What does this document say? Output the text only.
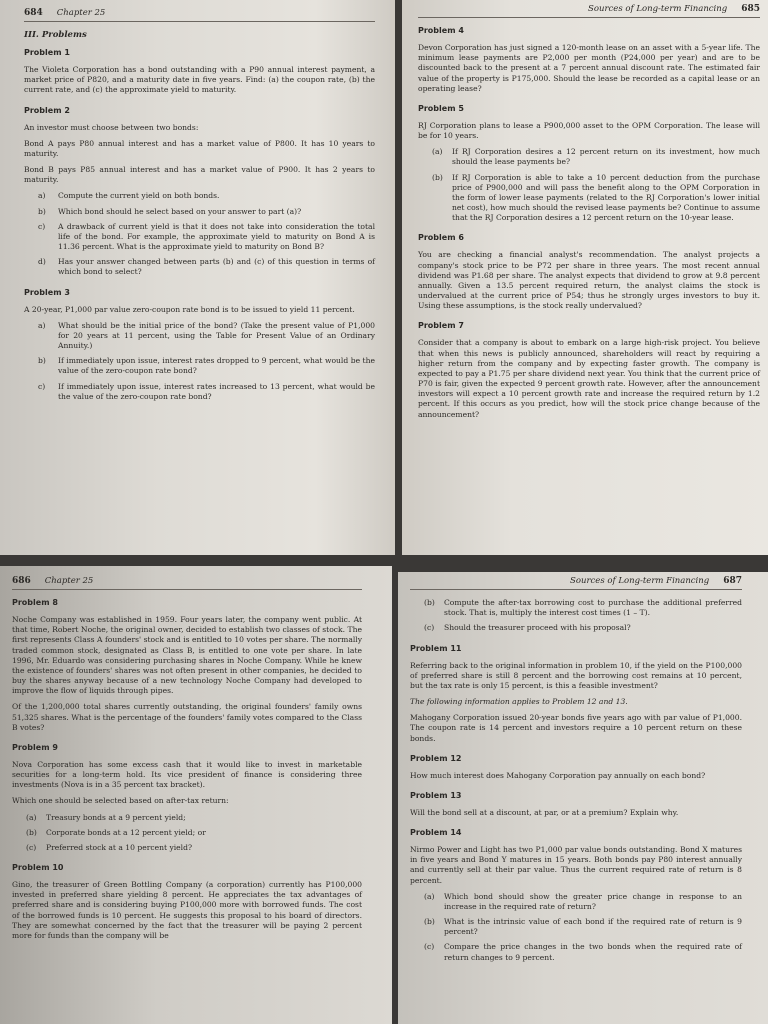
684 Chapter 25
III. Problems
Problem 1

The Violeta Corporation has a bond outstanding with a P90 annual interest payment, a market price of P820, and a maturity date in five years. Find: (a) the coupon rate, (b) the current rate, and (c) the approximate yield to maturity.

Problem 2

An investor must choose between two bonds:

Bond A pays P80 annual interest and has a market value of P800. It has 10 years to maturity.

Bond B pays P85 annual interest and has a market value of P900. It has 2 years to maturity.

a)	Compute the current yield on both bonds.
b)	Which bond should he select based on your answer to part (a)?
c)	A drawback of current yield is that it does not take into consideration the total life of the bond. For example, the approximate yield to maturity on Bond A is 11.36 percent. What is the approximate yield to maturity on Bond B?
d)	Has your answer changed between parts (b) and (c) of this question in terms of which bond to select?
Problem 3

A 20-year, P1,000 par value zero-coupon rate bond is to be issued to yield 11 percent.

a)	What should be the initial price of the bond? (Take the present value of P1,000 for 20 years at 11 percent, using the Table for Present Value of an Ordinary Annuity.)
b)	If immediately upon issue, interest rates dropped to 9 percent, what would be the value of the zero-coupon rate bond?
c)	If immediately upon issue, interest rates increased to 13 percent, what would be the value of the zero-coupon rate bond?
Sources of Long-term Financing 685
Problem 4

Devon Corporation has just signed a 120-month lease on an asset with a 5-year life. The minimum lease payments are P2,000 per month (P24,000 per year) and are to be discounted back to the present at a 7 percent annual discount rate. The estimated fair value of the property is P175,000. Should the lease be recorded as a capital lease or an operating lease?

Problem 5

RJ Corporation plans to lease a P900,000 asset to the OPM Corporation. The lease will be for 10 years.

(a)	If RJ Corporation desires a 12 percent return on its investment, how much should the lease payments be?
(b)	If RJ Corporation is able to take a 10 percent deduction from the purchase price of P900,000 and will pass the benefit along to the OPM Corporation in the form of lower lease payments (related to the RJ Corporation's lower initial net cost), how much should the revised lease payments be? Continue to assume that the RJ Corporation desires a 12 percent return on the 10-year lease.
Problem 6

You are checking a financial analyst's recommendation. The analyst projects a company's stock price to be P72 per share in three years. The most recent annual dividend was P1.68 per share. The analyst expects that dividend to grow at 9.8 percent annually. Given a 13.5 percent required return, the analyst claims the stock is undervalued at the current price of P54; thus he strongly urges investors to buy it. Using these assumptions, is the stock really undervalued?

Problem 7

Consider that a company is about to embark on a large high-risk project. You believe that when this news is publicly announced, shareholders will react by requiring a higher return from the company and by expecting faster growth. The company is expected to pay a P1.75 per share dividend next year. You think that the current price of P70 is fair, given the expected 9 percent growth rate. However, after the announcement investors will expect a 10 percent growth rate and increase the required return by 1.2 percent. If this occurs as you predict, how will the stock price change because of the announcement?

686 Chapter 25
Problem 8

Noche Company was established in 1959. Four years later, the company went public. At that time, Robert Noche, the original owner, decided to establish two classes of stock. The first represents Class A founders' stock and is entitled to 10 votes per share. The normally traded common stock, designated as Class B, is entitled to one vote per share. In late 1996, Mr. Eduardo was considering purchasing shares in Noche Company. While he knew the existence of founders' shares was not often present in other companies, he decided to buy the shares anyway because of a new technology Noche Company had developed to improve the flow of liquids through pipes.

Of the 1,200,000 total shares currently outstanding, the original founders' family owns 51,325 shares. What is the percentage of the founders' family votes compared to the Class B votes?

Problem 9

Nova Corporation has some excess cash that it would like to invest in marketable securities for a long-term hold. Its vice president of finance is considering three investments (Nova is in a 35 percent tax bracket).

Which one should be selected based on after-tax return:

(a)	Treasury bonds at a 9 percent yield;
(b)	Corporate bonds at a 12 percent yield; or
(c)	Preferred stock at a 10 percent yield?
Problem 10

Gino, the treasurer of Green Bottling Company (a corporation) currently has P100,000 invested in preferred share yielding 8 percent. He appreciates the tax advantages of preferred share and is considering buying P100,000 more with borrowed funds. The cost of the borrowed funds is 10 percent. He suggests this proposal to his board of directors. They are somewhat concerned by the fact that the treasurer will be paying 2 percent more for funds than the company will be

Sources of Long-term Financing 687
(b)	Compute the after-tax borrowing cost to purchase the additional preferred stock. That is, multiply the interest cost times (1 – T).
(c)	Should the treasurer proceed with his proposal?
Problem 11

Referring back to the original information in problem 10, if the yield on the P100,000 of preferred share is still 8 percent and the borrowing cost remains at 10 percent, but the tax rate is only 15 percent, is this a feasible investment?

The following information applies to Problem 12 and 13.

Mahogany Corporation issued 20-year bonds five years ago with par value of P1,000. The coupon rate is 14 percent and investors require a 10 percent return on these bonds.

Problem 12

How much interest does Mahogany Corporation pay annually on each bond?

Problem 13

Will the bond sell at a discount, at par, or at a premium? Explain why.

Problem 14

Nirmo Power and Light has two P1,000 par value bonds outstanding. Bond X matures in five years and Bond Y matures in 15 years. Both bonds pay P80 interest annually and currently sell at their par value. Thus the current required rate of return is 8 percent.

(a)	Which bond should show the greater price change in response to an increase in the required rate of return?
(b)	What is the intrinsic value of each bond if the required rate of return is 9 percent?
(c)	Compare the price changes in the two bonds when the required rate of return changes to 9 percent.
